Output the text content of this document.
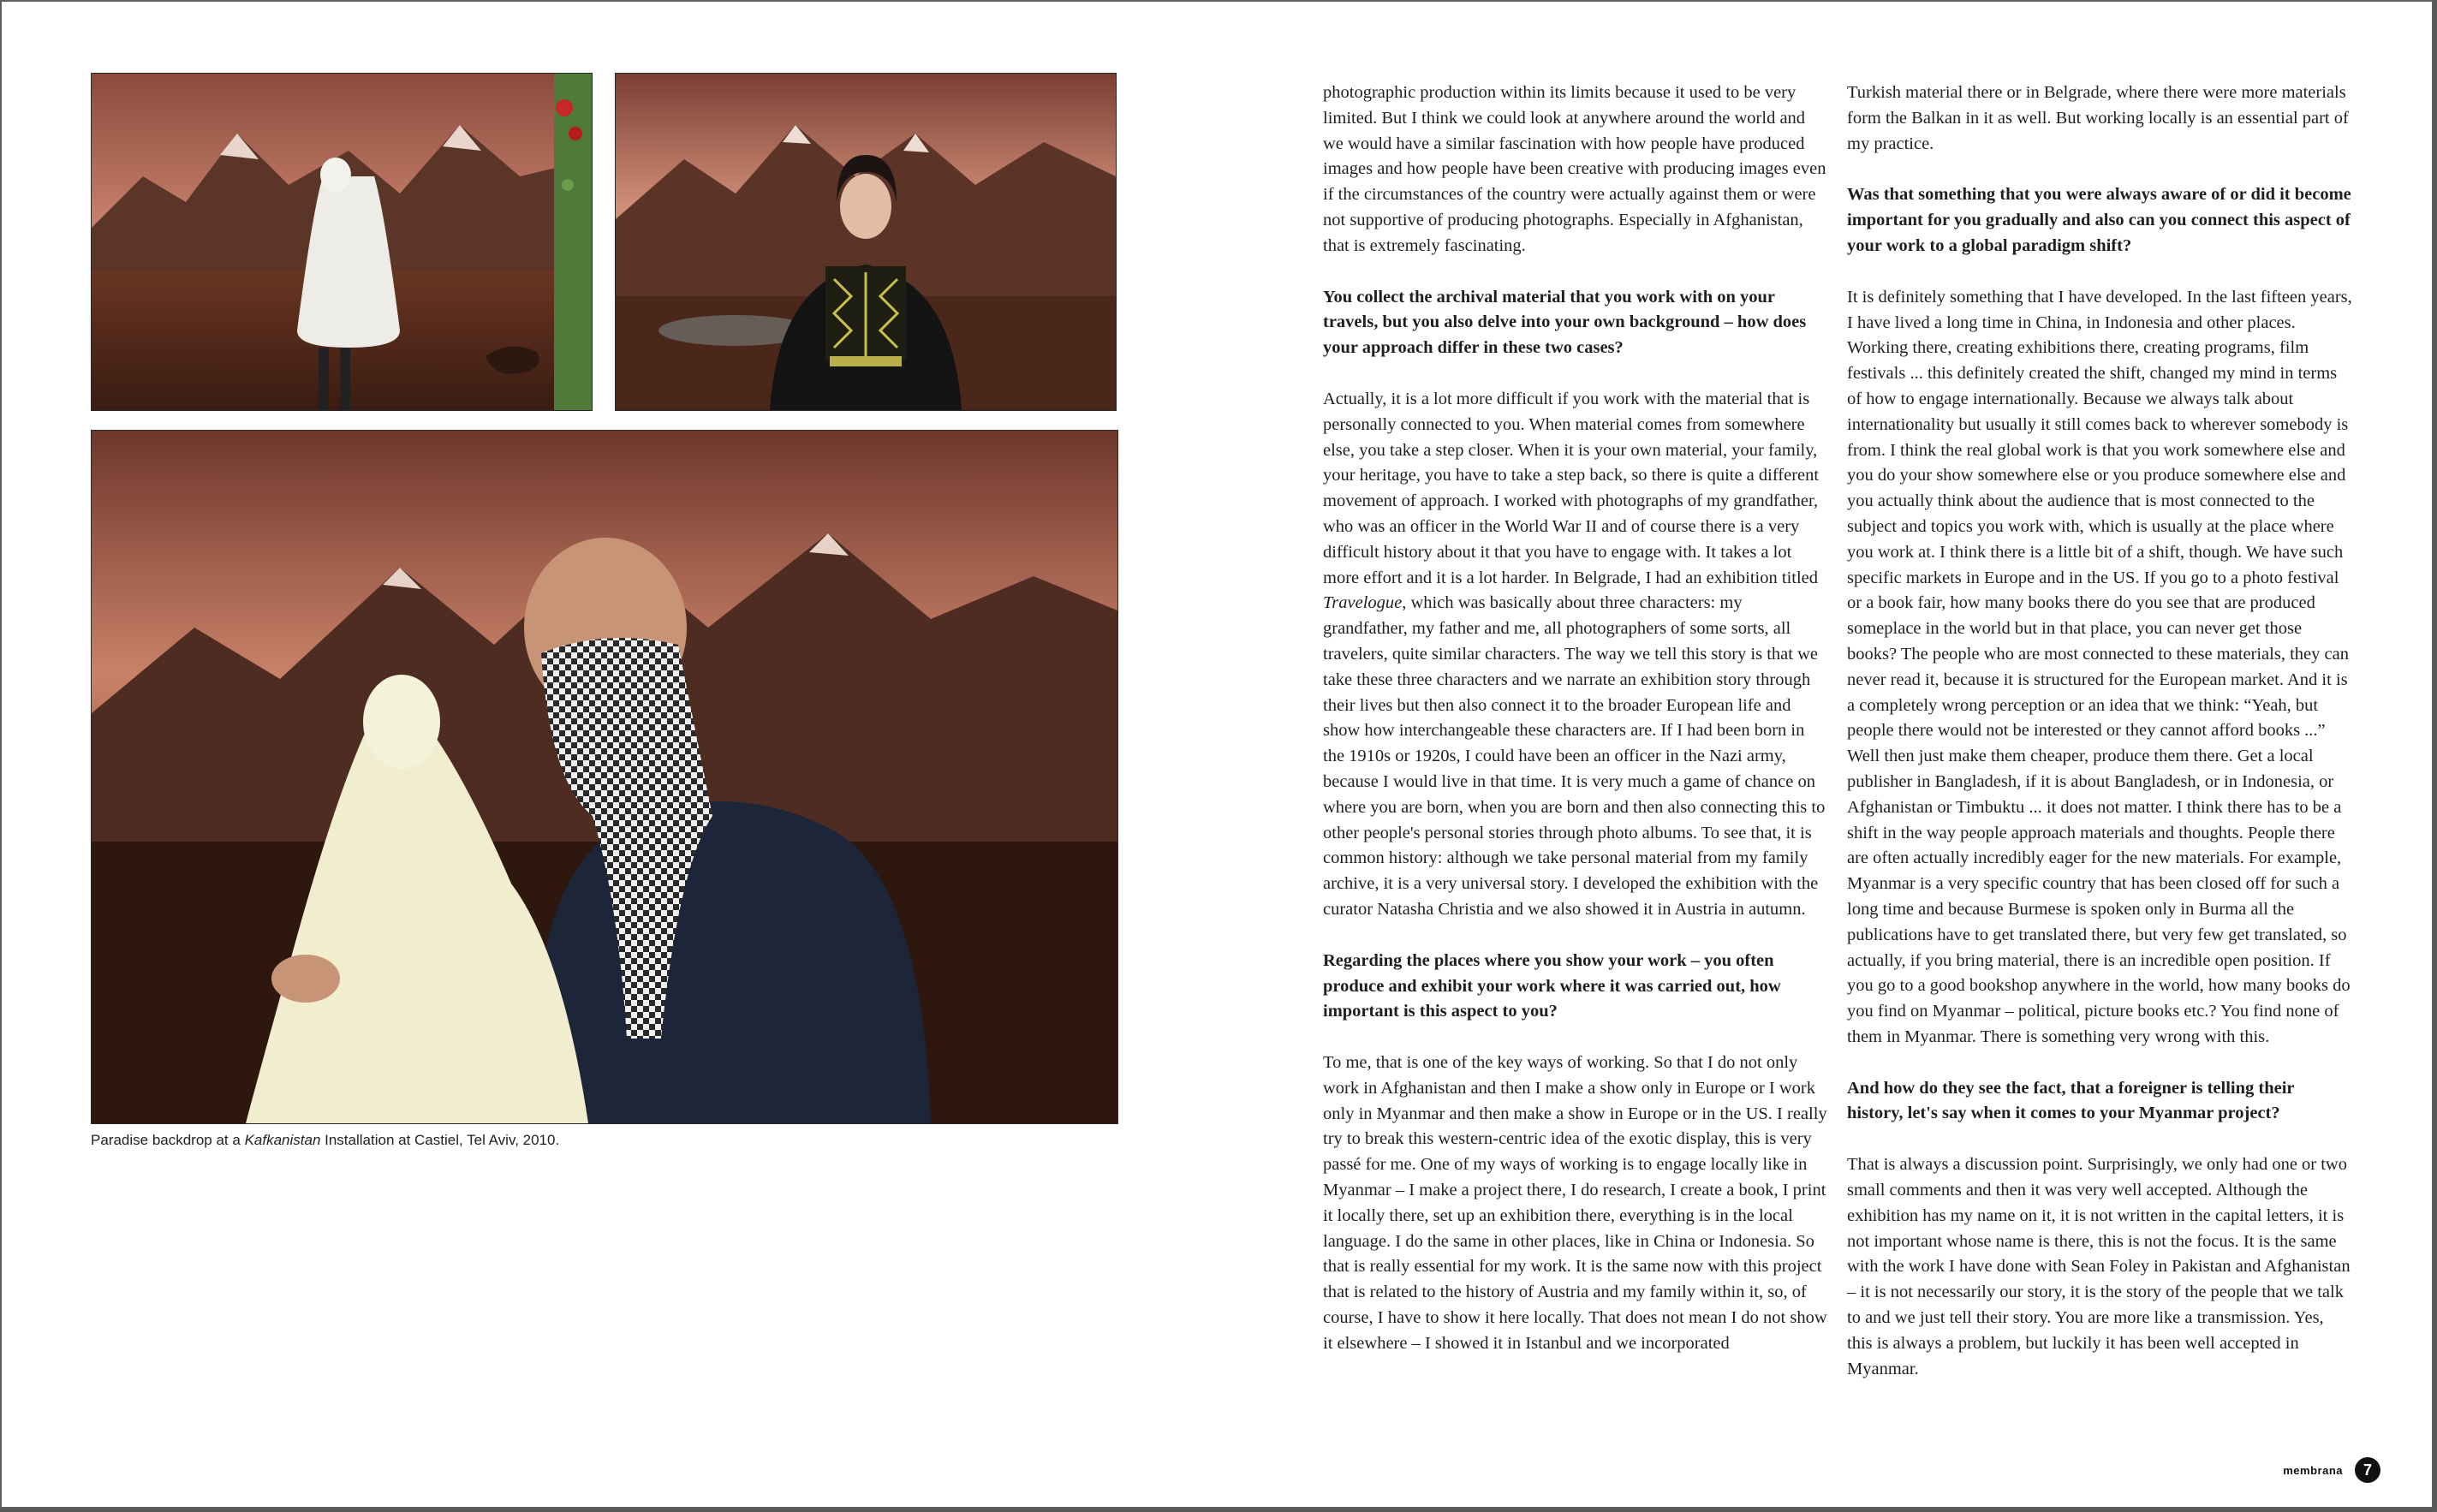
Paradise backdrop at a Kafkanistan Installation at Castiel, Tel Aviv, 2010.

photographic production within its limits because it used to be very limited. But I think we could look at anywhere around the world and we would have a similar fascination with how people have produced images and how people have been creative with producing images even if the circumstances of the country were actually against them or were not supportive of producing photographs. Especially in Afghanistan, that is extremely fascinating.

You collect the archival material that you work with on your travels, but you also delve into your own background – how does your approach differ in these two cases?

Actually, it is a lot more difficult if you work with the material that is personally connected to you. When material comes from somewhere else, you take a step closer. When it is your own material, your family, your heritage, you have to take a step back, so there is quite a different movement of approach. I worked with photographs of my grandfather, who was an officer in the World War II and of course there is a very difficult history about it that you have to engage with. It takes a lot more effort and it is a lot harder. In Belgrade, I had an exhibition titled Travelogue, which was basically about three characters: my grandfather, my father and me, all photographers of some sorts, all travelers, quite similar characters. The way we tell this story is that we take these three characters and we narrate an exhibition story through their lives but then also connect it to the broader European life and show how interchangeable these characters are. If I had been born in the 1910s or 1920s, I could have been an officer in the Nazi army, because I would live in that time. It is very much a game of chance on where you are born, when you are born and then also connecting this to other people's personal stories through photo albums. To see that, it is common history: although we take personal material from my family archive, it is a very universal story. I developed the exhibition with the curator Natasha Christia and we also showed it in Austria in autumn.

Regarding the places where you show your work – you often produce and exhibit your work where it was carried out, how important is this aspect to you?

To me, that is one of the key ways of working. So that I do not only work in Afghanistan and then I make a show only in Europe or I work only in Myanmar and then make a show in Europe or in the US. I really try to break this western-centric idea of the exotic display, this is very passé for me. One of my ways of working is to engage locally like in Myanmar – I make a project there, I do research, I create a book, I print it locally there, set up an exhibition there, everything is in the local language. I do the same in other places, like in China or Indonesia. So that is really essential for my work. It is the same now with this project that is related to the history of Austria and my family within it, so, of course, I have to show it here locally. That does not mean I do not show it elsewhere – I showed it in Istanbul and we incorporated

Turkish material there or in Belgrade, where there were more materials form the Balkan in it as well. But working locally is an essential part of my practice.

Was that something that you were always aware of or did it become important for you gradually and also can you connect this aspect of your work to a global paradigm shift?

It is definitely something that I have developed. In the last fifteen years, I have lived a long time in China, in Indonesia and other places. Working there, creating exhibitions there, creating programs, film festivals ... this definitely created the shift, changed my mind in terms of how to engage internationally. Because we always talk about internationality but usually it still comes back to wherever somebody is from. I think the real global work is that you work somewhere else and you do your show somewhere else or you produce somewhere else and you actually think about the audience that is most connected to the subject and topics you work with, which is usually at the place where you work at. I think there is a little bit of a shift, though. We have such specific markets in Europe and in the US. If you go to a photo festival or a book fair, how many books there do you see that are produced someplace in the world but in that place, you can never get those books? The people who are most connected to these materials, they can never read it, because it is structured for the European market. And it is a completely wrong perception or an idea that we think: “Yeah, but people there would not be interested or they cannot afford books ...” Well then just make them cheaper, produce them there. Get a local publisher in Bangladesh, if it is about Bangladesh, or in Indonesia, or Afghanistan or Timbuktu ... it does not matter. I think there has to be a shift in the way people approach materials and thoughts. People there are often actually incredibly eager for the new materials. For example, Myanmar is a very specific country that has been closed off for such a long time and because Burmese is spoken only in Burma all the publications have to get translated there, but very few get translated, so actually, if you bring material, there is an incredible open position. If you go to a good bookshop anywhere in the world, how many books do you find on Myanmar – political, picture books etc.? You find none of them in Myanmar. There is something very wrong with this.

And how do they see the fact, that a foreigner is telling their history, let's say when it comes to your Myanmar project?

That is always a discussion point. Surprisingly, we only had one or two small comments and then it was very well accepted. Although the exhibition has my name on it, it is not written in the capital letters, it is not important whose name is there, this is not the focus. It is the same with the work I have done with Sean Foley in Pakistan and Afghanistan – it is not necessarily our story, it is the story of the people that we talk to and we just tell their story. You are more like a transmission. Yes, this is always a problem, but luckily it has been well accepted in Myanmar.

membrana	7
